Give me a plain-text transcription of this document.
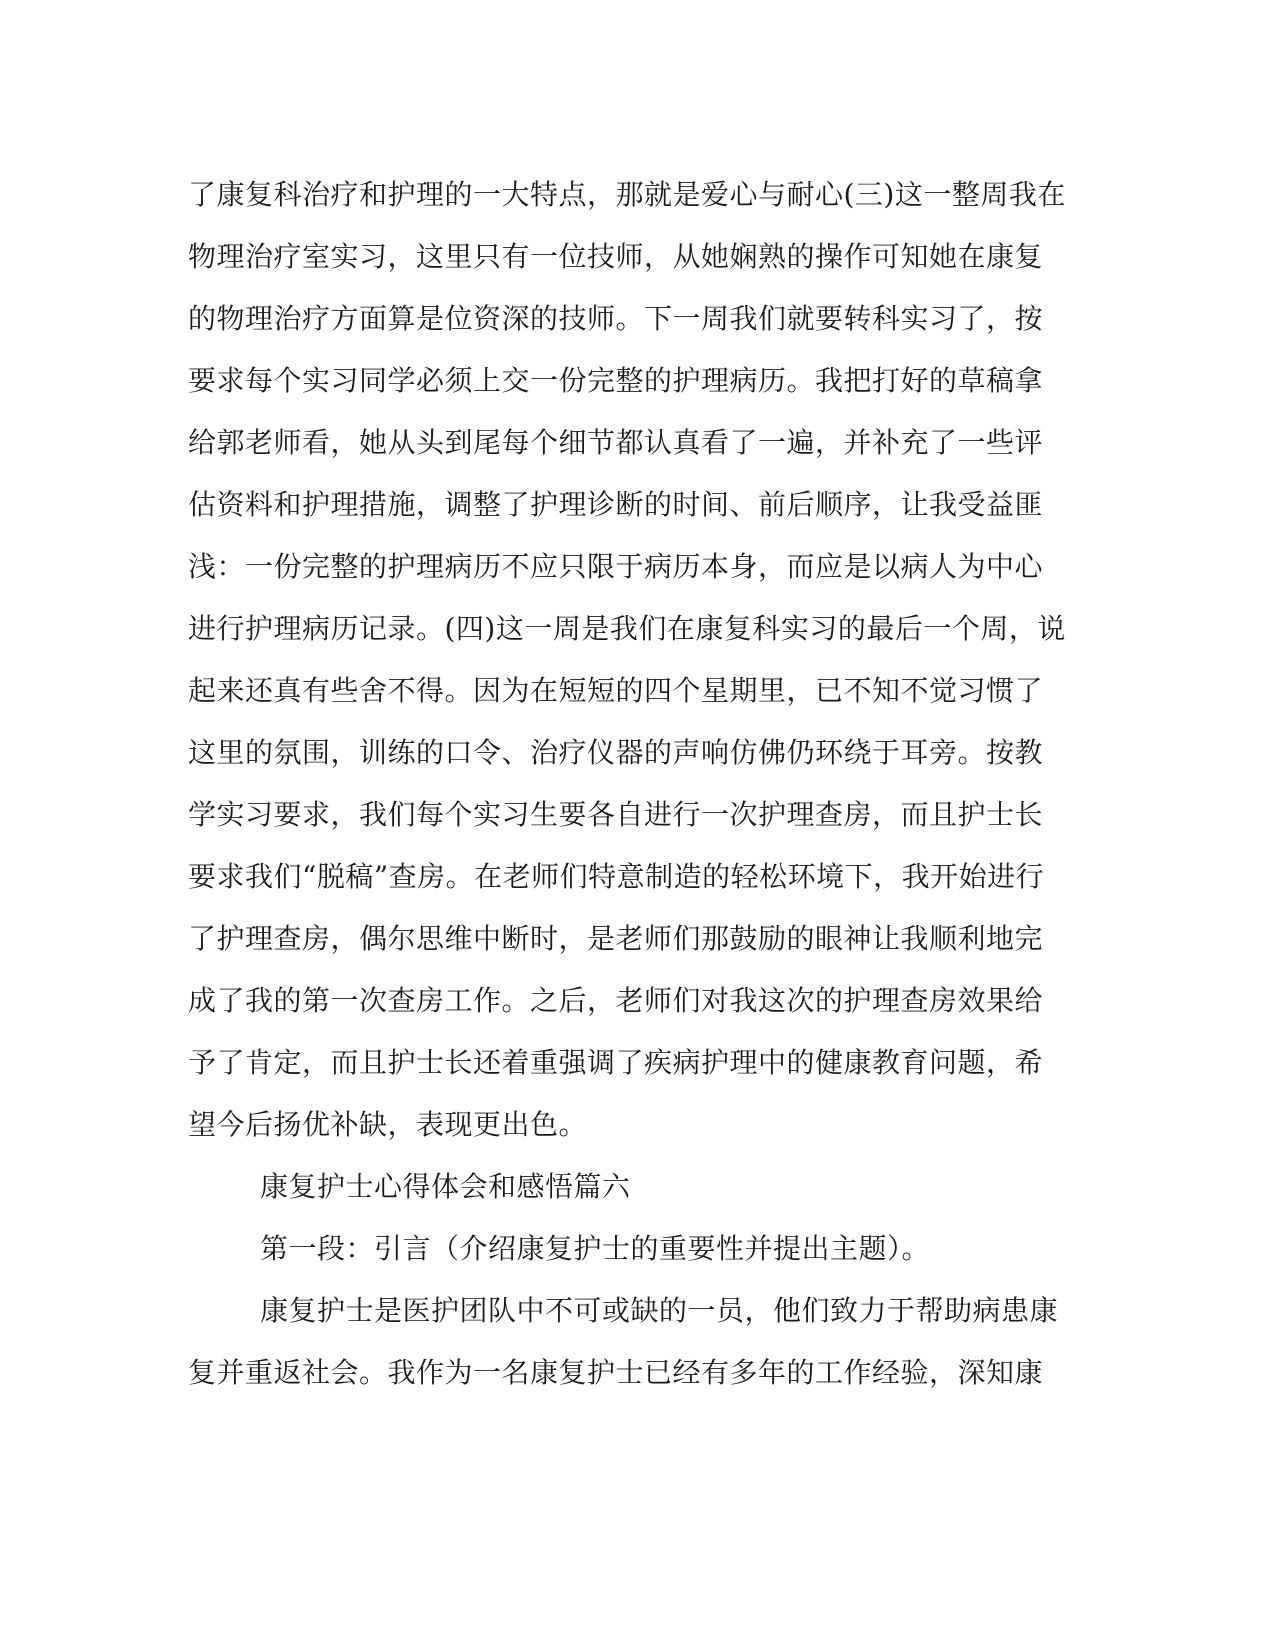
了康复科治疗和护理的一大特点，那就是爱心与耐心(三)这一整周我在
物理治疗室实习，这里只有一位技师，从她娴熟的操作可知她在康复
的物理治疗方面算是位资深的技师。下一周我们就要转科实习了，按
要求每个实习同学必须上交一份完整的护理病历。我把打好的草稿拿
给郭老师看，她从头到尾每个细节都认真看了一遍，并补充了一些评
估资料和护理措施，调整了护理诊断的时间、前后顺序，让我受益匪
浅：一份完整的护理病历不应只限于病历本身，而应是以病人为中心
进行护理病历记录。(四)这一周是我们在康复科实习的最后一个周，说
起来还真有些舍不得。因为在短短的四个星期里，已不知不觉习惯了
这里的氛围，训练的口令、治疗仪器的声响仿佛仍环绕于耳旁。按教
学实习要求，我们每个实习生要各自进行一次护理查房，而且护士长
要求我们“脱稿”查房。在老师们特意制造的轻松环境下，我开始进行
了护理查房，偶尔思维中断时，是老师们那鼓励的眼神让我顺利地完
成了我的第一次查房工作。之后，老师们对我这次的护理查房效果给
予了肯定，而且护士长还着重强调了疾病护理中的健康教育问题，希
望今后扬优补缺，表现更出色。
康复护士心得体会和感悟篇六
第一段：引言（介绍康复护士的重要性并提出主题）。
康复护士是医护团队中不可或缺的一员，他们致力于帮助病患康
复并重返社会。我作为一名康复护士已经有多年的工作经验，深知康
